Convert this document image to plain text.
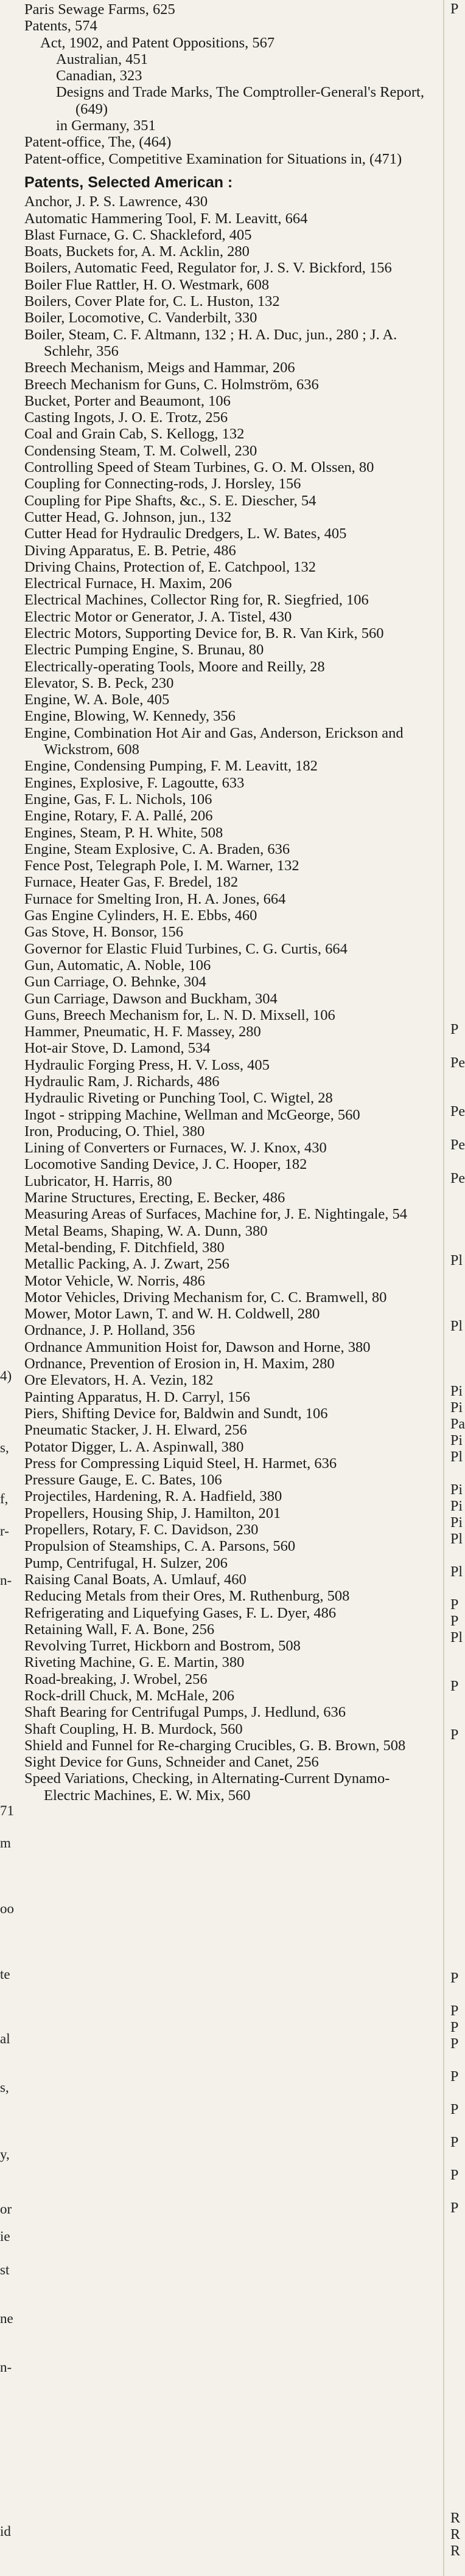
4)
s,
f,
r-
n-
71
m
oo
te
al
s,
y,
or
ie
st
ne
n-
id
P
P
Pe
Pe
Pe
Pe
Pl
Pl
Pi
Pi
Pa
Pi
Pl
Pi
Pi
Pi
Pl
Pl
P
P
Pl
P
P
P
P
P
P
P
P
P
P
P
R
R
R

Paris Sewage Farms, 625

Patents, 574

Act, 1902, and Patent Oppositions, 567

Australian, 451

Canadian, 323

Designs and Trade Marks, The Comptroller-General's Report, (649)

in Germany, 351

Patent-office, The, (464)

Patent-office, Competitive Examination for Situations in, (471)

Patents, Selected American :

Anchor, J. P. S. Lawrence, 430

Automatic Hammering Tool, F. M. Leavitt, 664

Blast Furnace, G. C. Shackleford, 405

Boats, Buckets for, A. M. Acklin, 280

Boilers, Automatic Feed, Regulator for, J. S. V. Bickford, 156

Boiler Flue Rattler, H. O. Westmark, 608

Boilers, Cover Plate for, C. L. Huston, 132

Boiler, Locomotive, C. Vanderbilt, 330

Boiler, Steam, C. F. Altmann, 132 ; H. A. Duc, jun., 280 ; J. A. Schlehr, 356

Breech Mechanism, Meigs and Hammar, 206

Breech Mechanism for Guns, C. Holmström, 636

Bucket, Porter and Beaumont, 106

Casting Ingots, J. O. E. Trotz, 256

Coal and Grain Cab, S. Kellogg, 132

Condensing Steam, T. M. Colwell, 230

Controlling Speed of Steam Turbines, G. O. M. Olssen, 80

Coupling for Connecting-rods, J. Horsley, 156

Coupling for Pipe Shafts, &c., S. E. Diescher, 54

Cutter Head, G. Johnson, jun., 132

Cutter Head for Hydraulic Dredgers, L. W. Bates, 405

Diving Apparatus, E. B. Petrie, 486

Driving Chains, Protection of, E. Catchpool, 132

Electrical Furnace, H. Maxim, 206

Electrical Machines, Collector Ring for, R. Siegfried, 106

Electric Motor or Generator, J. A. Tistel, 430

Electric Motors, Supporting Device for, B. R. Van Kirk, 560

Electric Pumping Engine, S. Brunau, 80

Electrically-operating Tools, Moore and Reilly, 28

Elevator, S. B. Peck, 230

Engine, W. A. Bole, 405

Engine, Blowing, W. Kennedy, 356

Engine, Combination Hot Air and Gas, Anderson, Erickson and Wickstrom, 608

Engine, Condensing Pumping, F. M. Leavitt, 182

Engines, Explosive, F. Lagoutte, 633

Engine, Gas, F. L. Nichols, 106

Engine, Rotary, F. A. Pallé, 206

Engines, Steam, P. H. White, 508

Engine, Steam Explosive, C. A. Braden, 636

Fence Post, Telegraph Pole, I. M. Warner, 132

Furnace, Heater Gas, F. Bredel, 182

Furnace for Smelting Iron, H. A. Jones, 664

Gas Engine Cylinders, H. E. Ebbs, 460

Gas Stove, H. Bonsor, 156

Governor for Elastic Fluid Turbines, C. G. Curtis, 664

Gun, Automatic, A. Noble, 106

Gun Carriage, O. Behnke, 304

Gun Carriage, Dawson and Buckham, 304

Guns, Breech Mechanism for, L. N. D. Mixsell, 106

Hammer, Pneumatic, H. F. Massey, 280

Hot-air Stove, D. Lamond, 534

Hydraulic Forging Press, H. V. Loss, 405

Hydraulic Ram, J. Richards, 486

Hydraulic Riveting or Punching Tool, C. Wigtel, 28

Ingot - stripping Machine, Wellman and McGeorge, 560

Iron, Producing, O. Thiel, 380

Lining of Converters or Furnaces, W. J. Knox, 430

Locomotive Sanding Device, J. C. Hooper, 182

Lubricator, H. Harris, 80

Marine Structures, Erecting, E. Becker, 486

Measuring Areas of Surfaces, Machine for, J. E. Nightingale, 54

Metal Beams, Shaping, W. A. Dunn, 380

Metal-bending, F. Ditchfield, 380

Metallic Packing, A. J. Zwart, 256

Motor Vehicle, W. Norris, 486

Motor Vehicles, Driving Mechanism for, C. C. Bramwell, 80

Mower, Motor Lawn, T. and W. H. Coldwell, 280

Ordnance, J. P. Holland, 356

Ordnance Ammunition Hoist for, Dawson and Horne, 380

Ordnance, Prevention of Erosion in, H. Maxim, 280

Ore Elevators, H. A. Vezin, 182

Painting Apparatus, H. D. Carryl, 156

Piers, Shifting Device for, Baldwin and Sundt, 106

Pneumatic Stacker, J. H. Elward, 256

Potator Digger, L. A. Aspinwall, 380

Press for Compressing Liquid Steel, H. Harmet, 636

Pressure Gauge, E. C. Bates, 106

Projectiles, Hardening, R. A. Hadfield, 380

Propellers, Housing Ship, J. Hamilton, 201

Propellers, Rotary, F. C. Davidson, 230

Propulsion of Steamships, C. A. Parsons, 560

Pump, Centrifugal, H. Sulzer, 206

Raising Canal Boats, A. Umlauf, 460

Reducing Metals from their Ores, M. Ruthenburg, 508

Refrigerating and Liquefying Gases, F. L. Dyer, 486

Retaining Wall, F. A. Bone, 256

Revolving Turret, Hickborn and Bostrom, 508

Riveting Machine, G. E. Martin, 380

Road-breaking, J. Wrobel, 256

Rock-drill Chuck, M. McHale, 206

Shaft Bearing for Centrifugal Pumps, J. Hedlund, 636

Shaft Coupling, H. B. Murdock, 560

Shield and Funnel for Re-charging Crucibles, G. B. Brown, 508

Sight Device for Guns, Schneider and Canet, 256

Speed Variations, Checking, in Alternating-Current Dynamo-Electric Machines, E. W. Mix, 560
